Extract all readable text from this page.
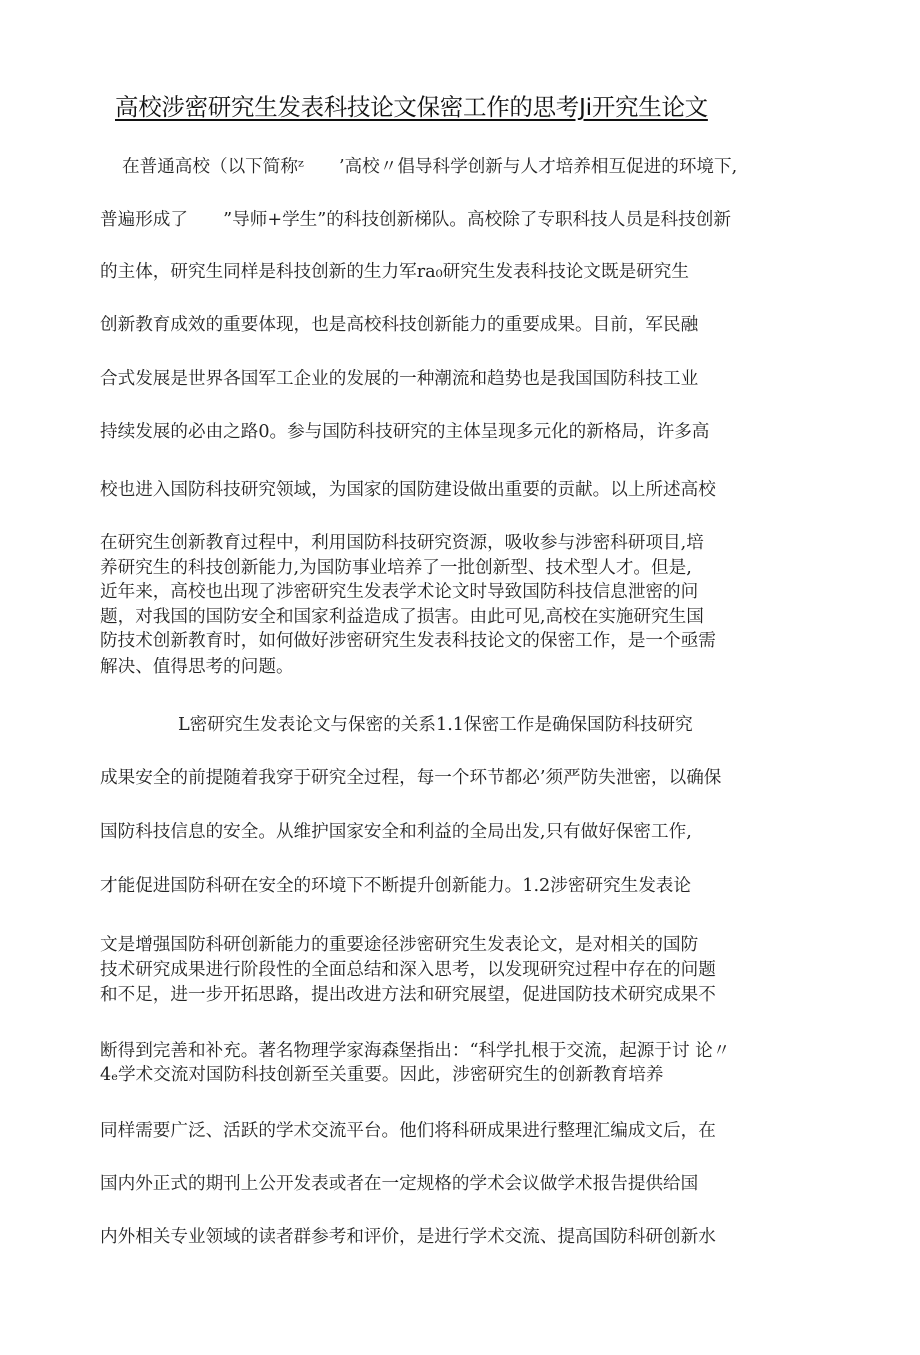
高校涉密研究生发表科技论文保密工作的思考Ji开究生论文
在普通高校（以下简称ᶻ　　’高校〃倡导科学创新与人才培养相互促进的环境下,
普遍形成了　　”导师+学生”的科技创新梯队。高校除了专职科技人员是科技创新
的主体，研究生同样是科技创新的生力军ra₀研究生发表科技论文既是研究生
创新教育成效的重要体现，也是高校科技创新能力的重要成果。目前，军民融
合式发展是世界各国军工企业的发展的一种潮流和趋势也是我国国防科技工业
持续发展的必由之路0。参与国防科技研究的主体呈现多元化的新格局，许多高
校也进入国防科技研究领域，为国家的国防建设做出重要的贡献。以上所述高校
在研究生创新教育过程中，利用国防科技研究资源，吸收参与涉密科研项目,培
养研究生的科技创新能力,为国防事业培养了一批创新型、技术型人才。但是,
近年来，高校也出现了涉密研究生发表学术论文时导致国防科技信息泄密的问
题，对我国的国防安全和国家利益造成了损害。由此可见,高校在实施研究生国
防技术创新教育时，如何做好涉密研究生发表科技论文的保密工作，是一个亟需
解决、值得思考的问题。
L密研究生发表论文与保密的关系1.1保密工作是确保国防科技研究
成果安全的前提随着我穿于研究全过程，每一个环节都必’须严防失泄密，以确保
国防科技信息的安全。从维护国家安全和利益的全局出发,只有做好保密工作,
才能促进国防科研在安全的环境下不断提升创新能力。1.2涉密研究生发表论
文是增强国防科研创新能力的重要途径涉密研究生发表论文，是对相关的国防
技术研究成果进行阶段性的全面总结和深入思考，以发现研究过程中存在的问题
和不足，进一步开拓思路，提出改进方法和研究展望，促进国防技术研究成果不
断得到完善和补充。著名物理学家海森堡指出：“科学扎根于交流，起源于讨 论〃
4ₑ学术交流对国防科技创新至关重要。因此，涉密研究生的创新教育培养
同样需要广泛、活跃的学术交流平台。他们将科研成果进行整理汇编成文后，在
国内外正式的期刊上公开发表或者在一定规格的学术会议做学术报告提供给国
内外相关专业领域的读者群参考和评价，是进行学术交流、提高国防科研创新水
